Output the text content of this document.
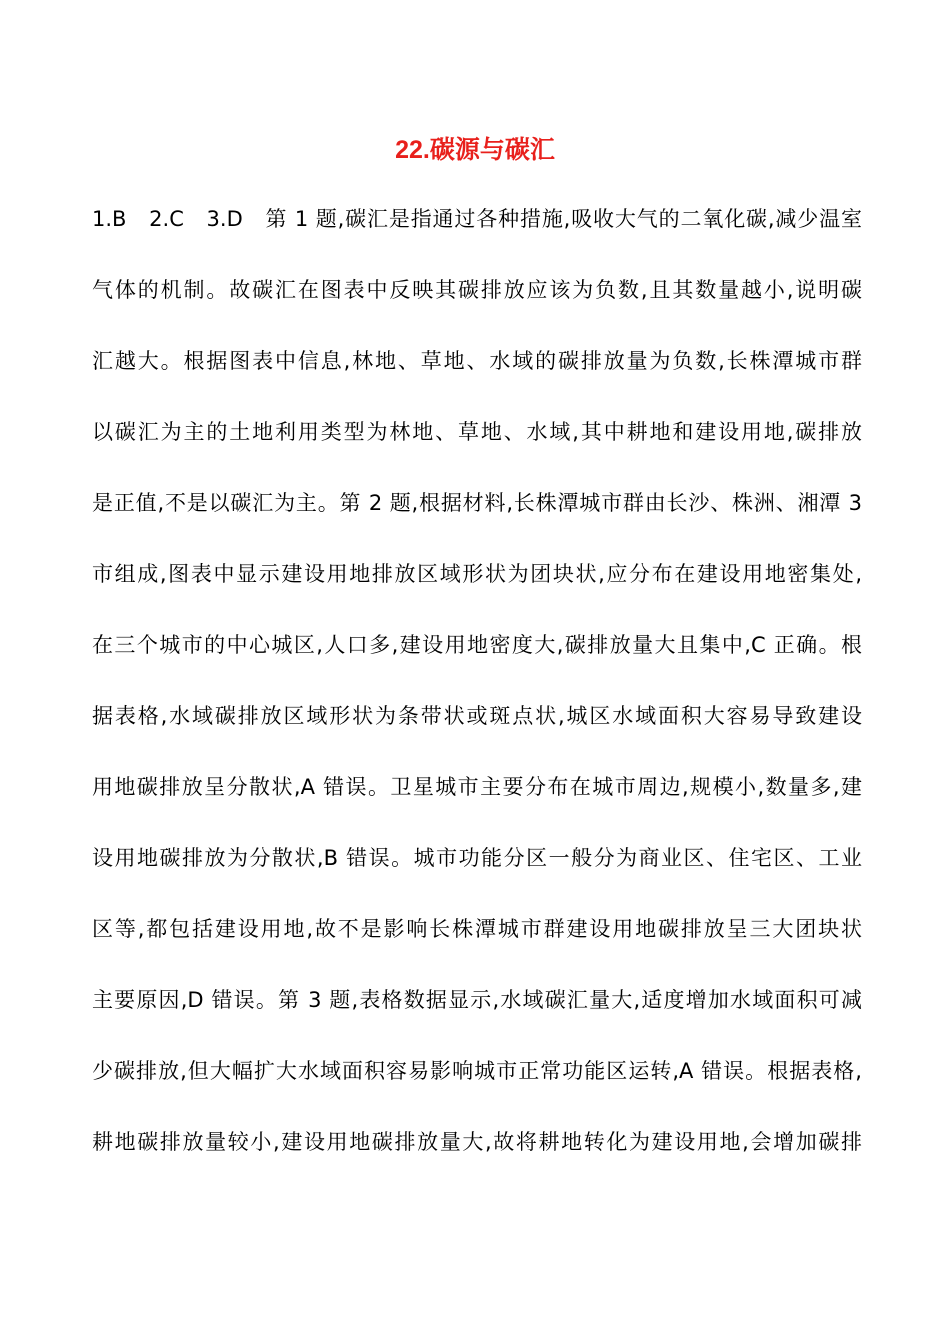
22.碳源与碳汇
1.B　2.C　3.D　第 1 题,碳汇是指通过各种措施,吸收大气的二氧化碳,减少温室
气体的机制。故碳汇在图表中反映其碳排放应该为负数,且其数量越小,说明碳
汇越大。根据图表中信息,林地、草地、水域的碳排放量为负数,长株潭城市群
以碳汇为主的土地利用类型为林地、草地、水域,其中耕地和建设用地,碳排放
是正值,不是以碳汇为主。第 2 题,根据材料,长株潭城市群由长沙、株洲、湘潭 3
市组成,图表中显示建设用地排放区域形状为团块状,应分布在建设用地密集处,
在三个城市的中心城区,人口多,建设用地密度大,碳排放量大且集中,C 正确。根
据表格,水域碳排放区域形状为条带状或斑点状,城区水域面积大容易导致建设
用地碳排放呈分散状,A 错误。卫星城市主要分布在城市周边,规模小,数量多,建
设用地碳排放为分散状,B 错误。城市功能分区一般分为商业区、住宅区、工业
区等,都包括建设用地,故不是影响长株潭城市群建设用地碳排放呈三大团块状
主要原因,D 错误。第 3 题,表格数据显示,水域碳汇量大,适度增加水域面积可减
少碳排放,但大幅扩大水域面积容易影响城市正常功能区运转,A 错误。根据表格,
耕地碳排放量较小,建设用地碳排放量大,故将耕地转化为建设用地,会增加碳排
